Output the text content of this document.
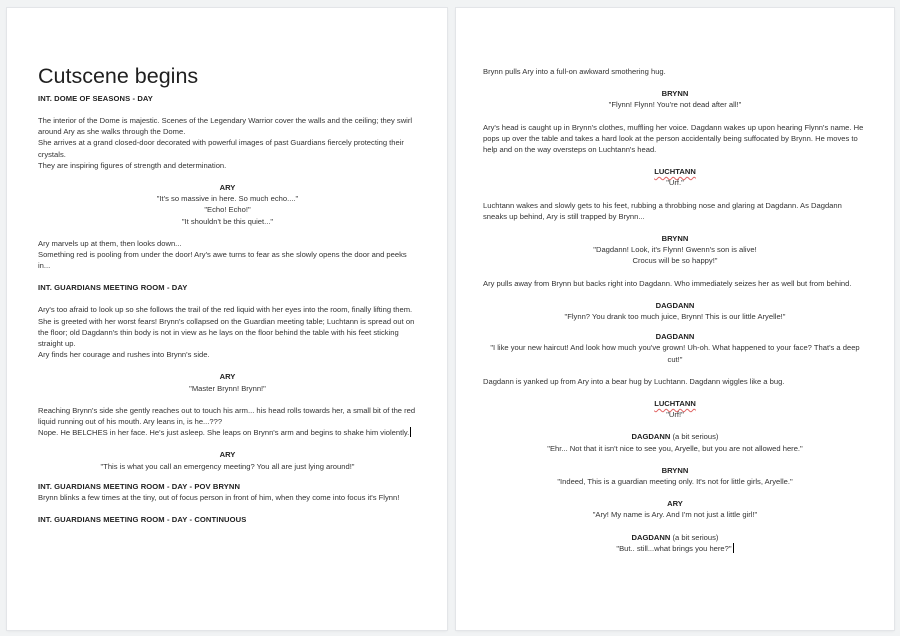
Cutscene begins

INT. DOME OF SEASONS - DAY

The interior of the Dome is majestic. Scenes of the Legendary Warrior cover the walls and the ceiling; they swirl around Ary as she walks through the Dome.

She arrives at a grand closed-door decorated with powerful images of past Guardians fiercely protecting their crystals.

They are inspiring figures of strength and determination.

ARY
"It's so massive in here. So much echo...."
"Echo! Echo!"
"It shouldn't be this quiet..."

Ary marvels up at them, then looks down...

Something red is pooling from under the door! Ary's awe turns to fear as she slowly opens the door and peeks in...

INT. GUARDIANS MEETING ROOM - DAY

Ary's too afraid to look up so she follows the trail of the red liquid with her eyes into the room, finally lifting them.

She is greeted with her worst fears! Brynn's collapsed on the Guardian meeting table; Luchtann is spread out on the floor; old Dagdann's thin body is not in view as he lays on the floor behind the table with his feet sticking straight up.

Ary finds her courage and rushes into Brynn's side.

ARY
"Master Brynn! Brynn!"

Reaching Brynn's side she gently reaches out to touch his arm... his head rolls towards her, a small bit of the red liquid running out of his mouth. Ary leans in, is he...???

Nope. He BELCHES in her face. He's just asleep. She leaps on Brynn's arm and begins to shake him violently.

ARY
"This is what you call an emergency meeting? You all are just lying around!"

INT. GUARDIANS MEETING ROOM - DAY - POV BRYNN

Brynn blinks a few times at the tiny, out of focus person in front of him, when they come into focus it's Flynn!

INT. GUARDIANS MEETING ROOM - DAY - CONTINUOUS

Brynn pulls Ary into a full-on awkward smothering hug.

BRYNN
"Flynn! Flynn! You're not dead after all!"

Ary's head is caught up in Brynn's clothes, muffling her voice. Dagdann wakes up upon hearing Flynn's name. He pops up over the table and takes a hard look at the person accidentally being suffocated by Brynn. He moves to help and on the way oversteps on Luchtann's head.

LUCHTANN
"Urf."

Luchtann wakes and slowly gets to his feet, rubbing a throbbing nose and glaring at Dagdann. As Dagdann sneaks up behind, Ary is still trapped by Brynn...

BRYNN
"Dagdann! Look, it's Flynn! Gwenn's son is alive!
Crocus will be so happy!"

Ary pulls away from Brynn but backs right into Dagdann. Who immediately seizes her as well but from behind.

DAGDANN
"Flynn? You drank too much juice, Brynn! This is our little Aryelle!"
DAGDANN
"I like your new haircut! And look how much you've grown! Uh-oh. What happened to your face? That's a deep cut!"

Dagdann is yanked up from Ary into a bear hug by Luchtann. Dagdann wiggles like a bug.

LUCHTANN
"Urf!"
DAGDANN (a bit serious)
"Ehr... Not that it isn't nice to see you, Aryelle, but you are not allowed here."
BRYNN
"Indeed, This is a guardian meeting only. It's not for little girls, Aryelle."
ARY
"Ary! My name is Ary. And I'm not just a little girl!"
DAGDANN (a bit serious)
"But.. still...what brings you here?"
